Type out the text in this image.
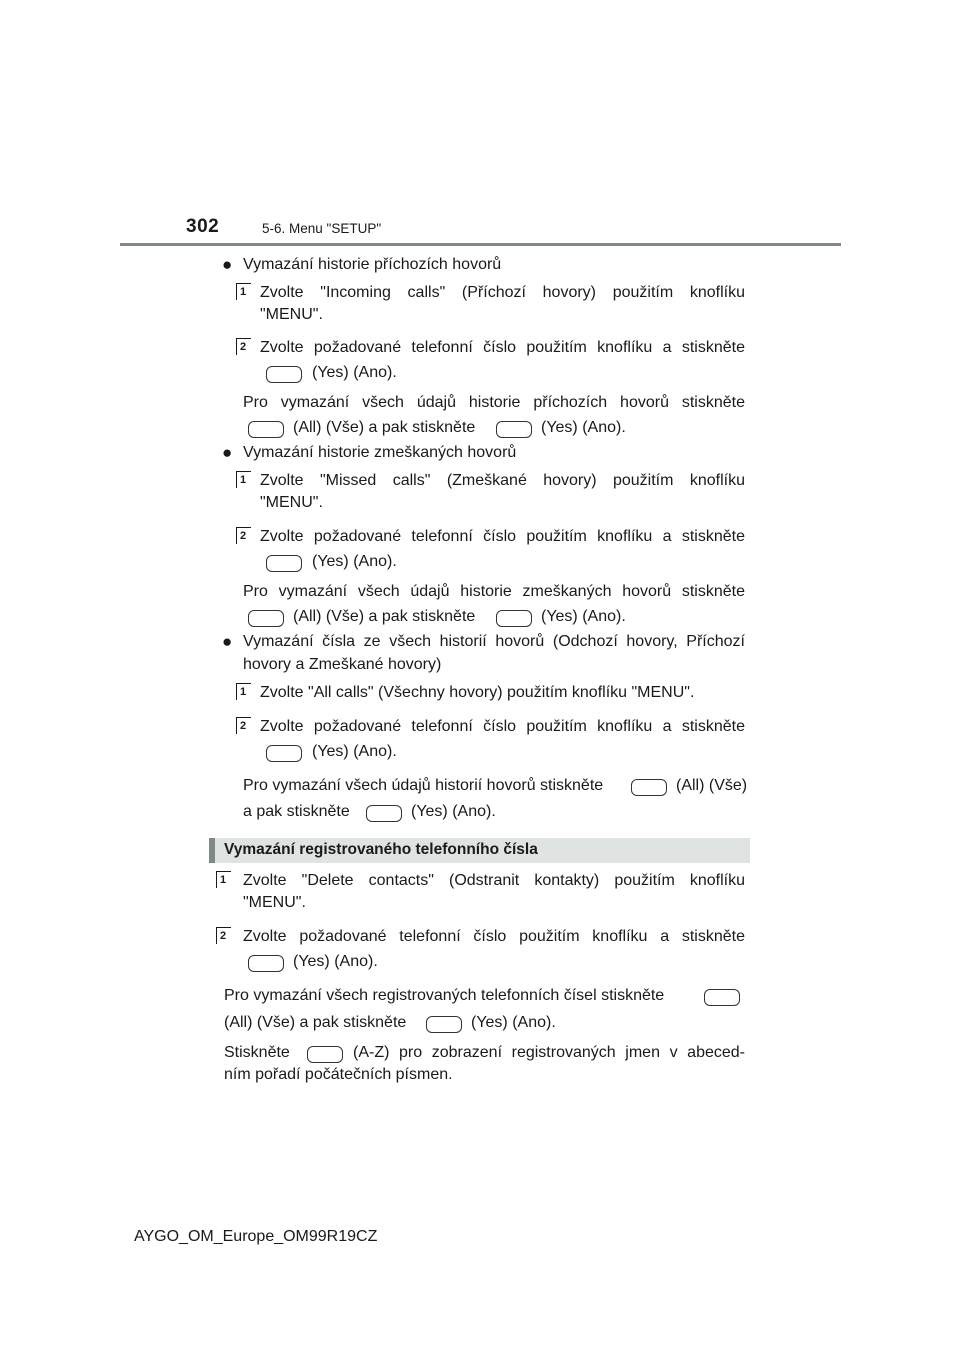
302	5-6. Menu "SETUP"
● Vymazání historie příchozích hovorů
1 Zvolte "Incoming calls" (Příchozí hovory) použitím knoflíku
"MENU".
2 Zvolte požadované telefonní číslo použitím knoflíku a stiskněte
(Yes) (Ano).
Pro vymazání všech údajů historie příchozích hovorů stiskněte
(All) (Vše) a pak stiskněte	(Yes) (Ano).
● Vymazání historie zmeškaných hovorů
1 Zvolte "Missed calls" (Zmeškané hovory) použitím knoflíku
"MENU".
2 Zvolte požadované telefonní číslo použitím knoflíku a stiskněte
(Yes) (Ano).
Pro vymazání všech údajů historie zmeškaných hovorů stiskněte
(All) (Vše) a pak stiskněte	(Yes) (Ano).
● Vymazání čísla ze všech historií hovorů (Odchozí hovory, Příchozí
hovory a Zmeškané hovory)
1 Zvolte "All calls" (Všechny hovory) použitím knoflíku "MENU".
2 Zvolte požadované telefonní číslo použitím knoflíku a stiskněte
(Yes) (Ano).
Pro vymazání všech údajů historií hovorů stiskněte	(All) (Vše)
a pak stiskněte	(Yes) (Ano).
Vymazání registrovaného telefonního čísla
1	Zvolte "Delete contacts" (Odstranit kontakty) použitím knoflíku
"MENU".
2	Zvolte požadované telefonní číslo použitím knoflíku a stiskněte
(Yes) (Ano).
Pro vymazání všech registrovaných telefonních čísel stiskněte
(All) (Vše) a pak stiskněte	(Yes) (Ano).
Stiskněte	(A-Z) pro zobrazení registrovaných jmen v abeced-
ním pořadí počátečních písmen.
AYGO_OM_Europe_OM99R19CZ
